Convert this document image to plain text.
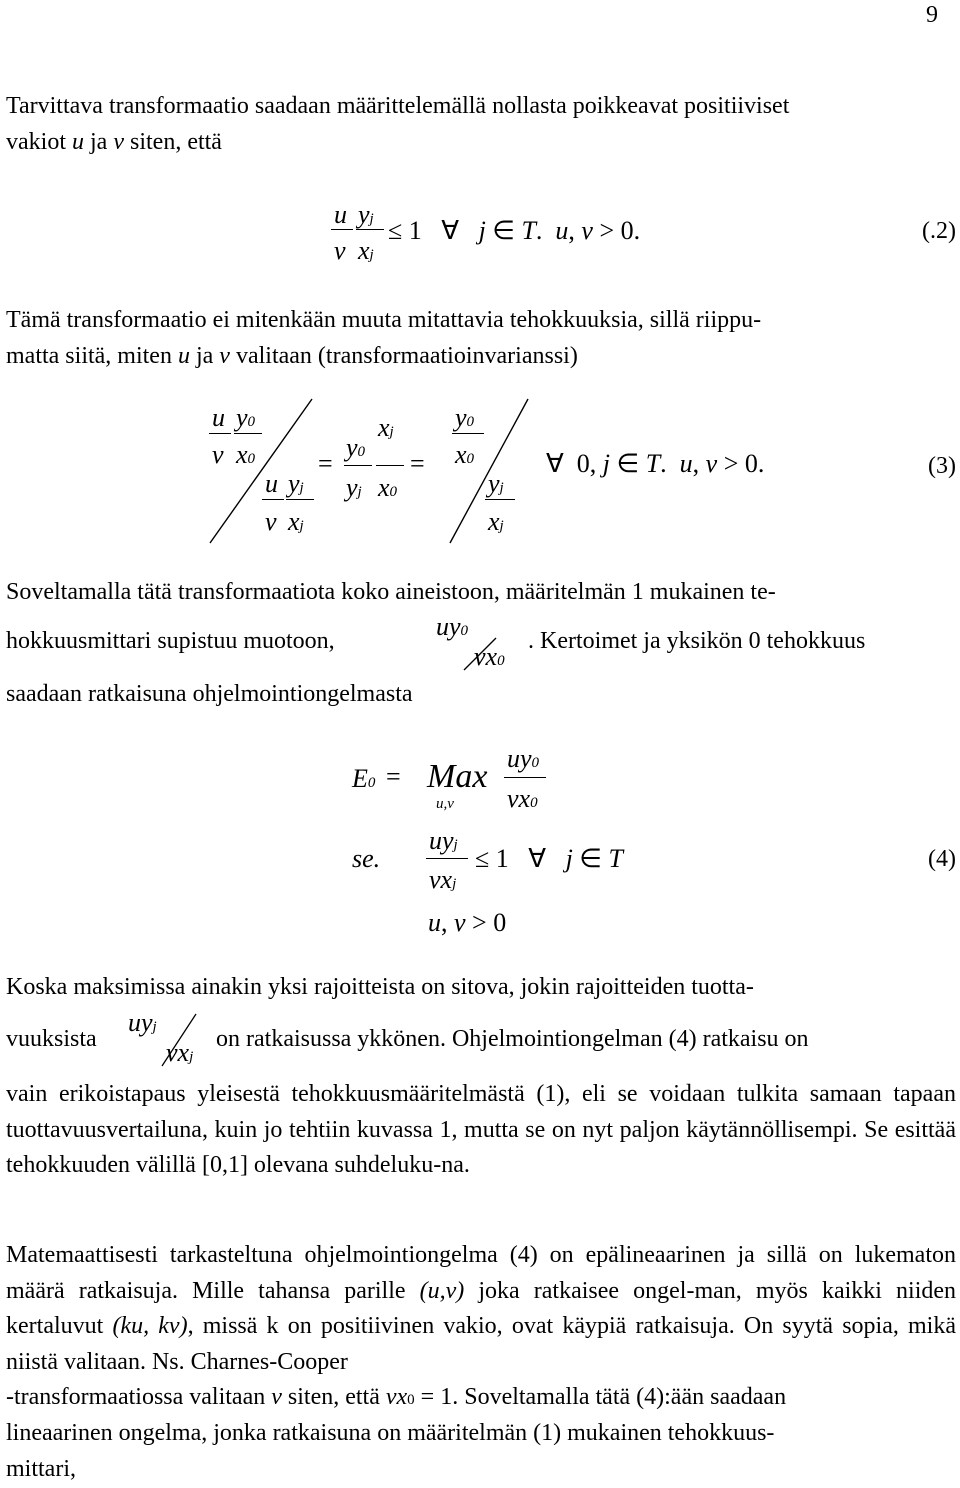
9
Tarvittava transformaatio saadaan määrittelemällä nollasta poikkeavat positiiviset
vakiot u ja v siten, että
u
v
yj
xj
≤ 1   ∀   j ∈ T.  u, v > 0.	(.2)
Tämä transformaatio ei mitenkään muuta mitattavia tehokkuuksia, sillä riippu-
matta siitä, miten u ja v valitaan (transformaatioinvarianssi)
u
v
y0
x0
u
v
yj
xj
=
y0
yj
xj
x0
=
y0
x0
yj
xj
∀  0, j ∈ T.  u, v > 0.	(3)
Soveltamalla tätä transformaatiota koko aineistoon, määritelmän 1 mukainen te-
hokkuusmittari supistuu muotoon,	uy0
vx0
. Kertoimet ja yksikön 0 tehokkuus
saadaan ratkaisuna ohjelmointiongelmasta
E0 = Max
u,v
uy0
vx0
se.
uyj
vxj
≤ 1   ∀   j ∈ T
u, v > 0
(4)
Koska maksimissa ainakin yksi rajoitteista on sitova, jokin rajoitteiden tuotta-
vuuksista
uyj
vxj
on ratkaisussa ykkönen. Ohjelmointiongelman (4) ratkaisu on

vain erikoistapaus yleisestä tehokkuusmääritelmästä (1), eli se voidaan tulkita samaan tapaan tuottavuusvertailuna, kuin jo tehtiin kuvassa 1, mutta se on nyt paljon käytännöllisempi. Se esittää tehokkuuden välillä [0,1] olevana suhdeluku-na.

Matemaattisesti tarkasteltuna ohjelmointiongelma (4) on epälineaarinen ja sillä on lukematon määrä ratkaisuja. Mille tahansa parille (u,v) joka ratkaisee ongel-man, myös kaikki niiden kertaluvut (ku, kv), missä k on positiivinen vakio, ovat käypiä ratkaisuja. On syytä sopia, mikä niistä valitaan. Ns. Charnes-Cooper

-transformaatiossa valitaan v siten, että vx0 = 1. Soveltamalla tätä (4):ään saadaan
lineaarinen ongelma, jonka ratkaisuna on määritelmän (1) mukainen tehokkuus-
mittari,
